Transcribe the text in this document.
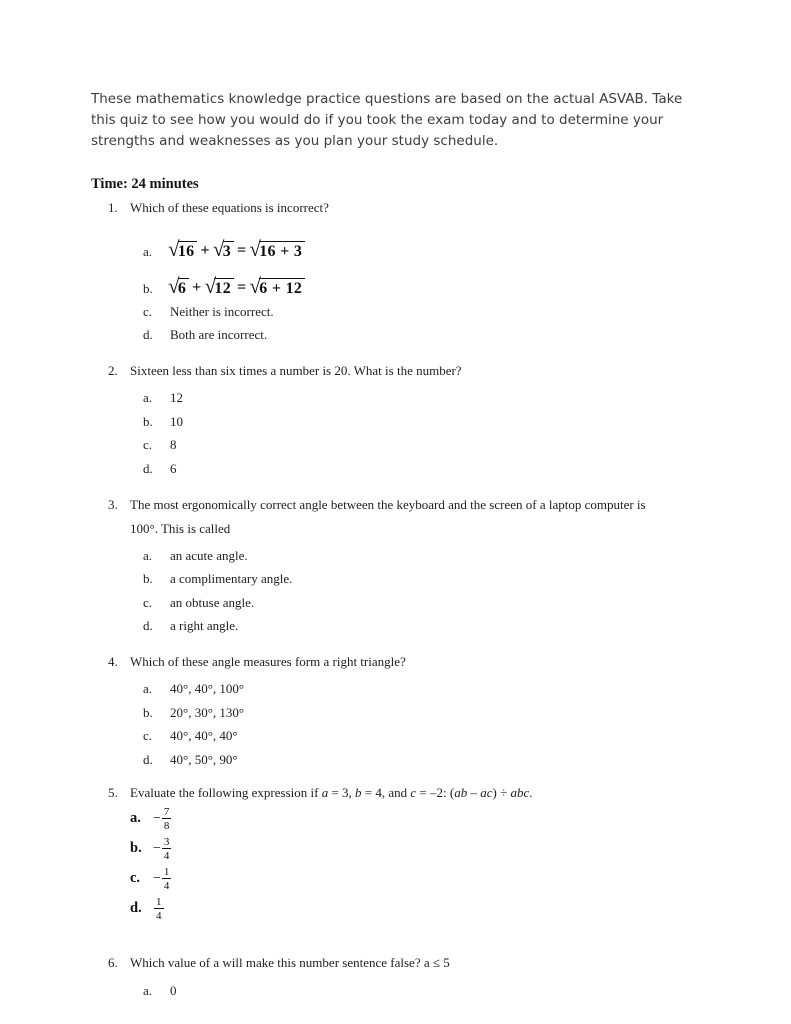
These mathematics knowledge practice questions are based on the actual ASVAB. Take
this quiz to see how you would do if you took the exam today and to determine your
strengths and weaknesses as you plan your study schedule.
Time: 24 minutes
1. Which of these equations is incorrect?
a. √
16 + √
3 = √
16 + 3
b. √
6 + √
12 = √
6 + 12
c.	Neither is incorrect.
d.	Both are incorrect.
2. Sixteen less than six times a number is 20. What is the number?
a.	12
b.	10
c.	8
d.	6
3. The most ergonomically correct angle between the keyboard and the screen of a laptop computer is
100°. This is called
a.	an acute angle.
b.	a complimentary angle.
c.	an obtuse angle.
d.	a right angle.
4. Which of these angle measures form a right triangle?
a.	40°, 40°, 100°
b.	20°, 30°, 130°
c.	40°, 40°, 40°
d.	40°, 50°, 90°
5. Evaluate the following expression if a = 3, b = 4, and c = –2: (ab – ac) ÷ abc.
a. − $\frac{7}{8}$
b. − $\frac{3}{4}$
c. − $\frac{1}{4}$
d.	$\frac{1}{4}$
6. Which value of a will make this number sentence false? a ≤ 5
a.	0
